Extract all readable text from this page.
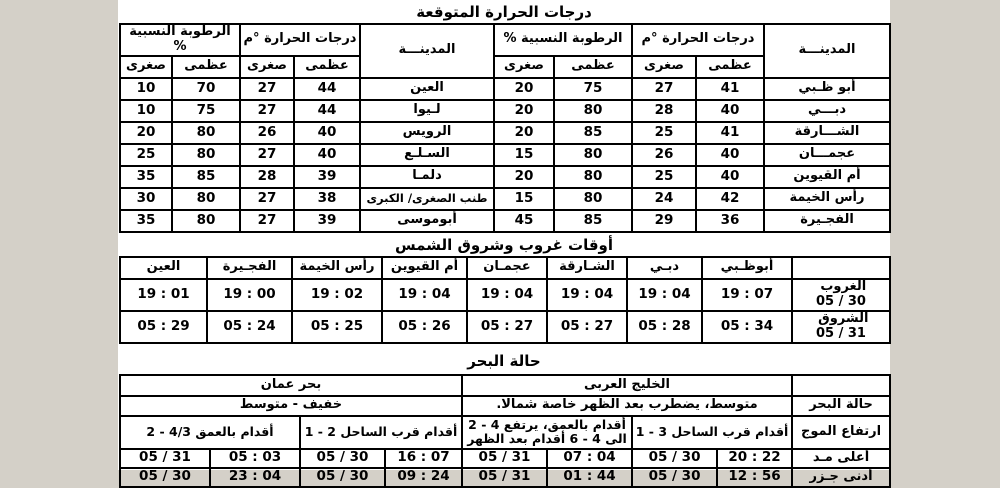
درجات الحرارة المتوقعة
المدينـــة	درجات الحرارة °م		الرطوبة النسبية %		المدينـــة	درجات الحرارة °م		الرطوبة النسبية %	
	عظمى	صغرى	عظمى	صغرى		عظمى	صغرى	عظمى	صغرى
أبو ظـبي	41	27	75	20	العين	44	27	70	10
دبـــي	40	28	80	20	لـيوا	44	27	75	10
الشـــارقة	41	25	85	20	الرويس	40	26	80	20
عجمـــان	40	26	80	15	السـلـع	40	27	80	25
أم القيوين	40	25	80	20	دلمـا	39	28	85	35
رأس الخيمة	42	24	80	15	طنب الصغرى/ الكبرى	38	27	80	30
الفجـيرة	36	29	85	45	أبوموسى	39	27	80	35
أوقات غروب وشروق الشمس
	أبوظـبي	دبـي	الشـارقة	عجمـان	أم القيوين	رأس الخيمة	الفجـيرة	العين
الغروب  05 / 30	19 : 07	19 : 04	19 : 04	19 : 04	19 : 04	19 : 02	19 : 00	19 : 01
الشروق  05 / 31	05 : 34	05 : 28	05 : 27	05 : 27	05 : 26	05 : 25	05 : 24	05 : 29
حالة البحر
	الخليج العربى				بحر عمان			
حالة البحر	متوسط، يضطرب بعد الظهر خاصة شمالا.				خفيف - متوسط			
ارتفاع الموج	1 - 3 أقدام قرب الساحل		2 - 4 أقدام بالعمق، يرتفع الى 4 - 6 أقدام بعد الظهر		1 - 2 أقدام قرب الساحل		2 - 4/3 أقدام بالعمق	
أعلى مـد	20 : 22	05 / 30	07 : 04	05 / 31	16 : 07	05 / 30	05 : 03	05 / 31
أدنى جـزر	12 : 56	05 / 30	01 : 44	05 / 31	09 : 24	05 / 30	23 : 04	05 / 30
